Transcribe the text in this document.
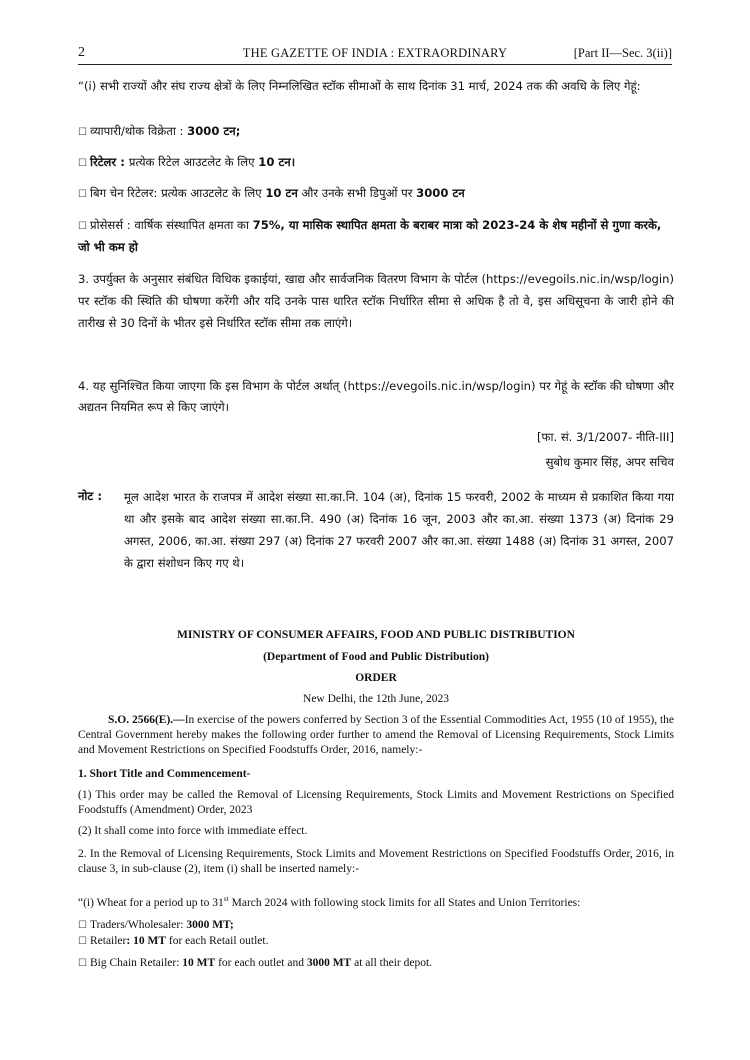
2	THE GAZETTE OF INDIA : EXTRAORDINARY	[Part II—Sec. 3(ii)]
“(i) सभी राज्यों और संघ राज्य क्षेत्रों के लिए निम्नलिखित स्टॉक सीमाओं के साथ दिनांक 31 मार्च, 2024 तक की अवधि के लिए गेहूं:
☐ व्यापारी/थोक विक्रेता : 3000 टन;
☐ रिटेलर : प्रत्येक रिटेल आउटलेट के लिए 10 टन।
☐ बिग चेन रिटेलर: प्रत्येक आउटलेट के लिए 10 टन और उनके सभी डिपुओं पर 3000 टन
☐ प्रोसेसर्स : वार्षिक संस्थापित क्षमता का 75%, या मासिक स्थापित क्षमता के बराबर मात्रा को 2023-24 के शेष महीनों से गुणा करके, जो भी कम हो
3. उपर्युक्त के अनुसार संबंधित विधिक इकाईयां, खाद्य और सार्वजनिक वितरण विभाग के पोर्टल (https://evegoils.nic.in/wsp/login) पर स्टॉक की स्थिति की घोषणा करेंगी और यदि उनके पास धारित स्टॉक निर्धारित सीमा से अधिक है तो वे, इस अधिसूचना के जारी होने की तारीख से 30 दिनों के भीतर इसे निर्धारित स्टॉक सीमा तक लाएंगे।
4. यह सुनिश्चित किया जाएगा कि इस विभाग के पोर्टल अर्थात् (https://evegoils.nic.in/wsp/login) पर गेहूं के स्टॉक की घोषणा और अद्यतन नियमित रूप से किए जाएंगे।
[फा. सं. 3/1/2007- नीति-III]
सुबोध कुमार सिंह, अपर सचिव
नोट : मूल आदेश भारत के राजपत्र में आदेश संख्या सा.का.नि. 104 (अ), दिनांक 15 फरवरी, 2002 के माध्यम से प्रकाशित किया गया था और इसके बाद आदेश संख्या सा.का.नि. 490 (अ) दिनांक 16 जून, 2003 और का.आ. संख्या 1373 (अ) दिनांक 29 अगस्त, 2006, का.आ. संख्या 297 (अ) दिनांक 27 फरवरी 2007 और का.आ. संख्या 1488 (अ) दिनांक 31 अगस्त, 2007 के द्वारा संशोधन किए गए थे।
MINISTRY OF CONSUMER AFFAIRS, FOOD AND PUBLIC DISTRIBUTION
(Department of Food and Public Distribution)
ORDER
New Delhi, the 12th June, 2023
S.O. 2566(E).—In exercise of the powers conferred by Section 3 of the Essential Commodities Act, 1955 (10 of 1955), the Central Government hereby makes the following order further to amend the Removal of Licensing Requirements, Stock Limits and Movement Restrictions on Specified Foodstuffs Order, 2016, namely:-
1. Short Title and Commencement-
(1) This order may be called the Removal of Licensing Requirements, Stock Limits and Movement Restrictions on Specified Foodstuffs (Amendment) Order, 2023
(2) It shall come into force with immediate effect.
2. In the Removal of Licensing Requirements, Stock Limits and Movement Restrictions on Specified Foodstuffs Order, 2016, in clause 3, in sub-clause (2), item (i) shall be inserted namely:-
“(i) Wheat for a period up to 31st March 2024 with following stock limits for all States and Union Territories:
☐ Traders/Wholesaler: 3000 MT;
☐ Retailer: 10 MT for each Retail outlet.
☐ Big Chain Retailer: 10 MT for each outlet and 3000 MT at all their depot.
